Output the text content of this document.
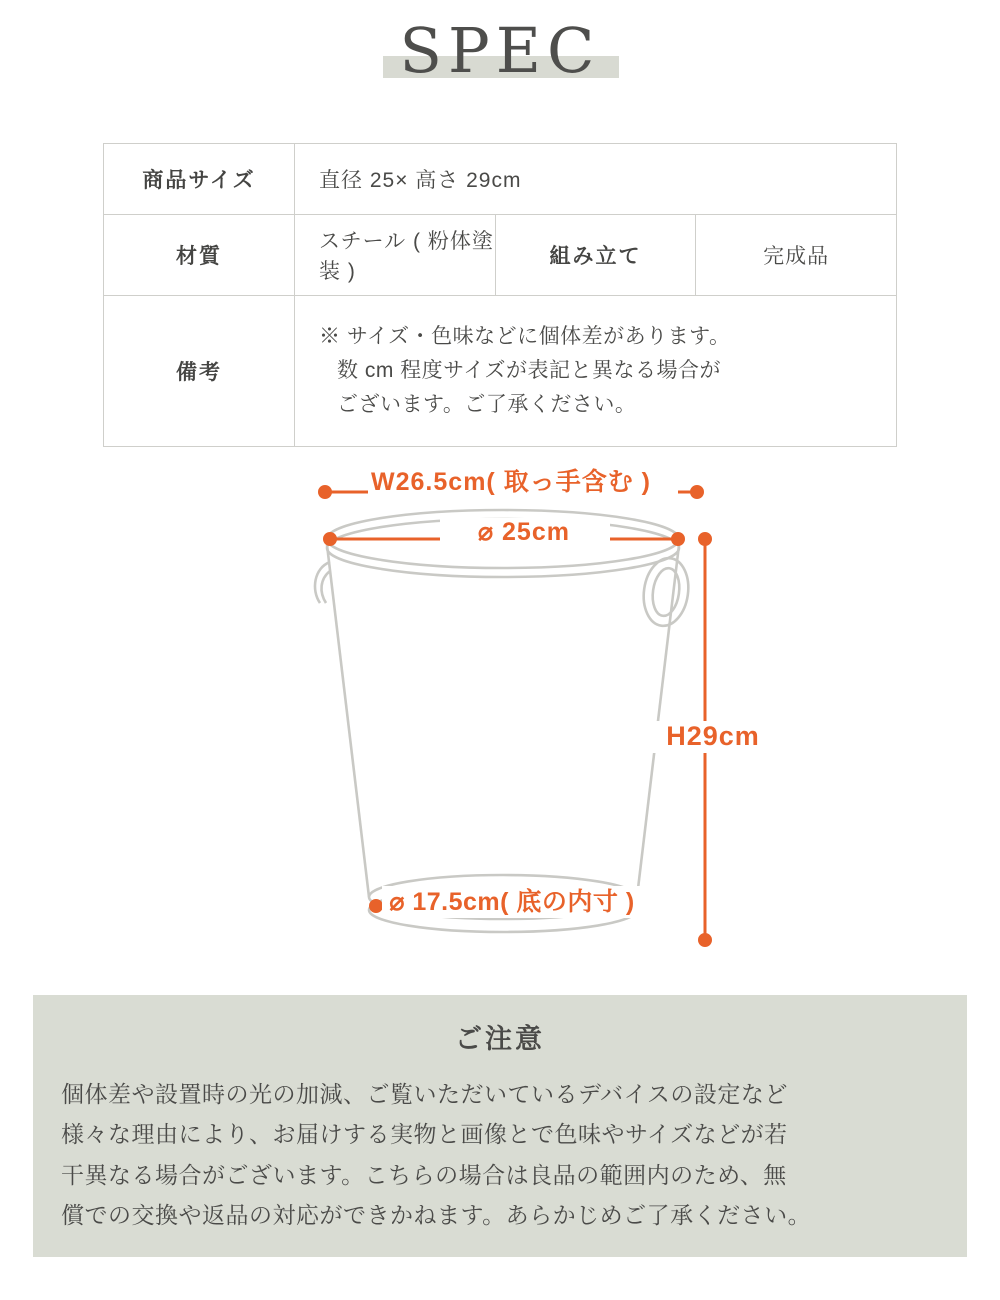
SPEC
商品サイズ	直径 25× 高さ 29cm		
材質	スチール ( 粉体塗装 )	組み立て	完成品
備考	※ サイズ・色味などに個体差があります。
数 cm 程度サイズが表記と異なる場合が
ございます。ご了承ください。		
W26.5cm( 取っ手含む )
⌀ 25cm
H29cm
⌀ 17.5cm( 底の内寸 )
ご注意
個体差や設置時の光の加減、ご覧いただいているデバイスの設定など
様々な理由により、お届けする実物と画像とで色味やサイズなどが若
干異なる場合がございます。こちらの場合は良品の範囲内のため、無
償での交換や返品の対応ができかねます。あらかじめご了承ください。
